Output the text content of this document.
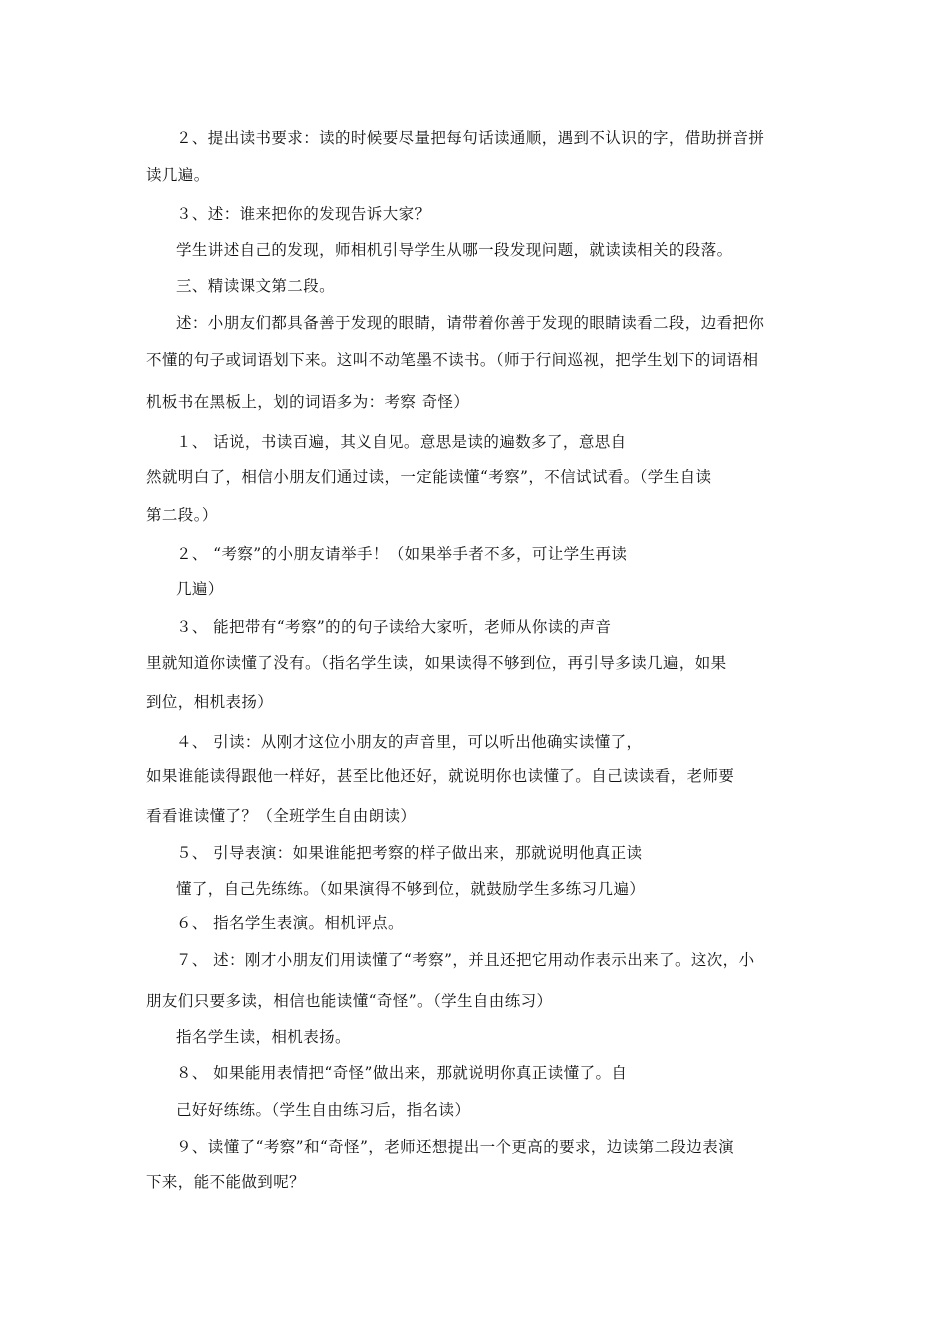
２、提出读书要求：读的时候要尽量把每句话读通顺，遇到不认识的字，借助拼音拼
读几遍。
３、述：谁来把你的发现告诉大家？
学生讲述自己的发现，师相机引导学生从哪一段发现问题，就读读相关的段落。
三、精读课文第二段。
述：小朋友们都具备善于发现的眼睛，请带着你善于发现的眼睛读看二段，边看把你
不懂的句子或词语划下来。这叫不动笔墨不读书。（师于行间巡视，把学生划下的词语相
机板书在黑板上，划的词语多为：考察 奇怪）
１、 话说，书读百遍，其义自见。意思是读的遍数多了，意思自
然就明白了，相信小朋友们通过读，一定能读懂“考察”，不信试试看。（学生自读
第二段。）
２、 “考察”的小朋友请举手！（如果举手者不多，可让学生再读
几遍）
３、 能把带有“考察”的的句子读给大家听，老师从你读的声音
里就知道你读懂了没有。（指名学生读，如果读得不够到位，再引导多读几遍，如果
到位，相机表扬）
４、 引读：从刚才这位小朋友的声音里，可以听出他确实读懂了，
如果谁能读得跟他一样好，甚至比他还好，就说明你也读懂了。自己读读看，老师要
看看谁读懂了？（全班学生自由朗读）
５、 引导表演：如果谁能把考察的样子做出来，那就说明他真正读
懂了，自己先练练。（如果演得不够到位，就鼓励学生多练习几遍）
６、 指名学生表演。相机评点。
７、 述：刚才小朋友们用读懂了“考察”，并且还把它用动作表示出来了。这次，小
朋友们只要多读，相信也能读懂“奇怪”。（学生自由练习）
指名学生读，相机表扬。
８、 如果能用表情把“奇怪”做出来，那就说明你真正读懂了。自
己好好练练。（学生自由练习后，指名读）
９、读懂了“考察”和“奇怪”，老师还想提出一个更高的要求，边读第二段边表演
下来，能不能做到呢？
